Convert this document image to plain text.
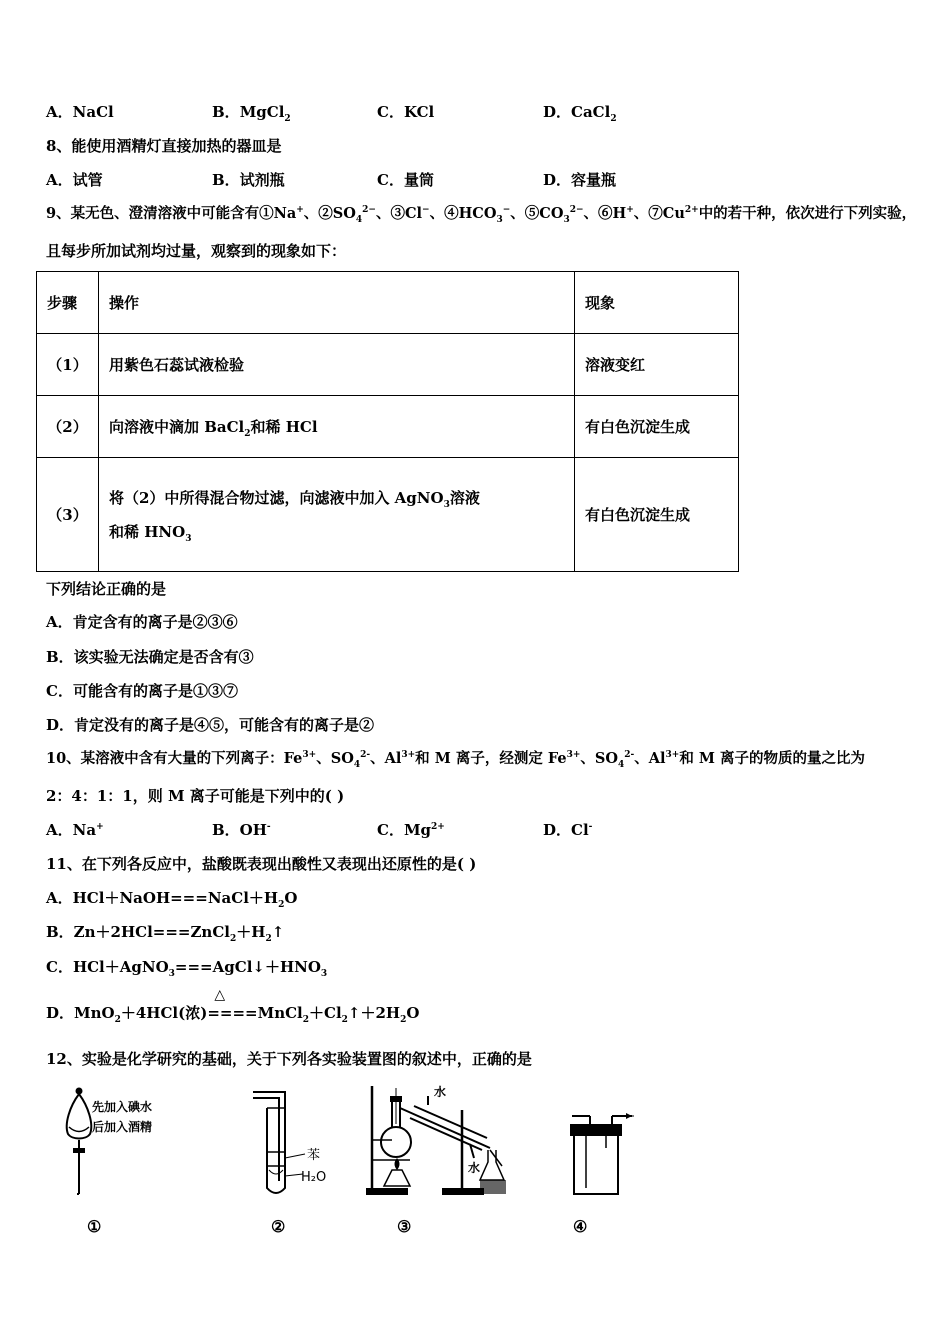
A．NaCl	B．MgCl$_2$	C．KCl	D．CaCl$_2$
8、能使用酒精灯直接加热的器皿是
A．试管	B．试剂瓶	C．量筒	D．容量瓶
9、某无色、澄清溶液中可能含有①Na+、$②SO_4^{2-}$、③Cl−、$④HCO_3^-$、$⑤CO_3^{2-}$、⑥H+、$⑦Cu^{2+}$中的若干种，依次进行下列实验，
且每步所加试剂均过量，观察到的现象如下：
步骤	操作	现象
（1）	用紫色石蕊试液检验	溶液变红
（2）	向溶液中滴加 BaCl$_2$和稀 HCl	有白色沉淀生成
（3）	将（2）中所得混合物过滤，向滤液中加入 AgNO$_3$溶液
和稀 $HNO_3$	有白色沉淀生成
下列结论正确的是
A．肯定含有的离子是②③⑥
B．该实验无法确定是否含有③
C．可能含有的离子是①③⑦
D．肯定没有的离子是④⑤，可能含有的离子是②
10、某溶液中含有大量的下列离子：$Fe^{3+}$、$SO_4^{2-}$、$Al^{3+}$和 M 离子，经测定 $Fe^{3+}$、$SO_4^{2-}$、$Al^{3+}$和 M 离子的物质的量之比为
2：4：1：1，则 M 离子可能是下列中的( )
A．Na+	B．OH-	C．$Mg^{2+}$	D．Cl-
11、在下列各反应中，盐酸既表现出酸性又表现出还原性的是( )
A．$HCl+NaOH===NaCl+H_2O$
B．$Zn+2HCl===ZnCl_2+H_2↑$
C．$HCl+AgNO_3===AgCl↓+HNO_3$
D．MnO$_2$＋4HCl(浓)
△
$====MnCl_2+Cl_2↑+2H_2O$
12、实验是化学研究的基础，关于下列各实验装置图的叙述中，正确的是
先加入碘水
后加入酒精
苯
H₂O
水
水
b
①	②	③	④
